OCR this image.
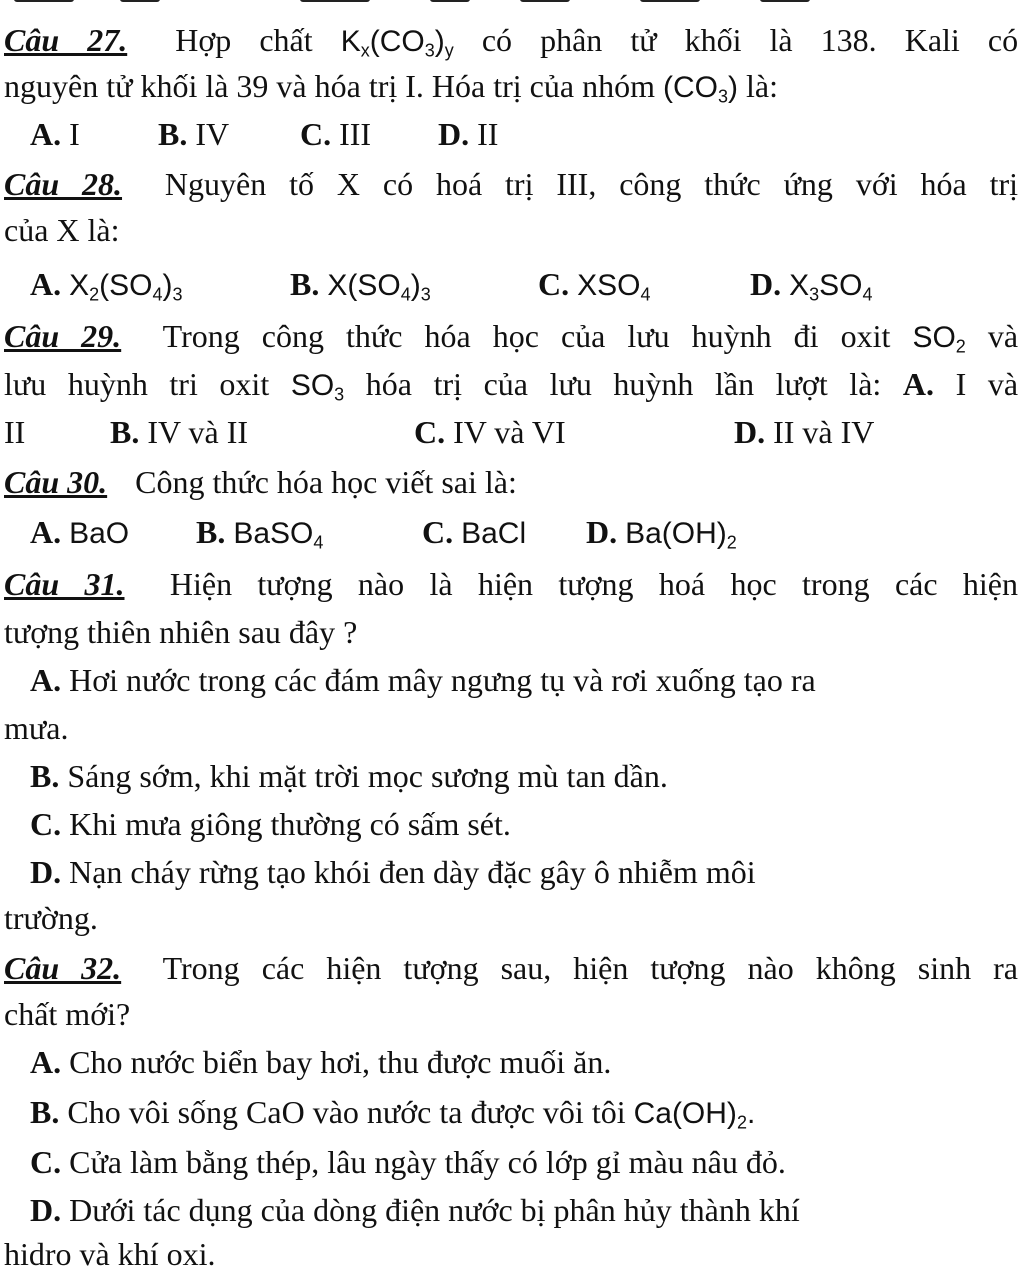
Câu 27. Hợp chất $K_x(CO_3)_y$ có phân tử khối là 138. Kali có
nguyên tử khối là 39 và hóa trị I. Hóa trị của nhóm $(CO_3)$ là:
A. I B. IV C. III D. II
Câu 28. Nguyên tố X có hoá trị III, công thức ứng với hóa trị
của X là:
A. $X_2(SO_4)_3$	B. $X(SO_4)_3$	C. $XSO_4$	D. $X_3SO_4$
Câu 29. Trong công thức hóa học của lưu huỳnh đi oxit $SO_2$ và
lưu huỳnh tri oxit $SO_3$ hóa trị của lưu huỳnh lần lượt là: A. I và
II	B. IV và II	C. IV và VI	D. II và IV
Câu 30. Công thức hóa học viết sai là:
A. BaO B. BaSO$_4$	C. BaCl D. $Ba(OH)_2$
Câu 31. Hiện tượng nào là hiện tượng hoá học trong các hiện
tượng thiên nhiên sau đây ?
A. Hơi nước trong các đám mây ngưng tụ và rơi xuống tạo ra
mưa.
B. Sáng sớm, khi mặt trời mọc sương mù tan dần.
C. Khi mưa giông thường có sấm sét.
D. Nạn cháy rừng tạo khói đen dày đặc gây ô nhiễm môi
trường.
Câu 32. Trong các hiện tượng sau, hiện tượng nào không sinh ra
chất mới?
A. Cho nước biển bay hơi, thu được muối ăn.
B. Cho vôi sống CaO vào nước ta được vôi tôi $Ca(OH)_2$.
C. Cửa làm bằng thép, lâu ngày thấy có lớp gỉ màu nâu đỏ.
D. Dưới tác dụng của dòng điện nước bị phân hủy thành khí
hidro và khí oxi.
